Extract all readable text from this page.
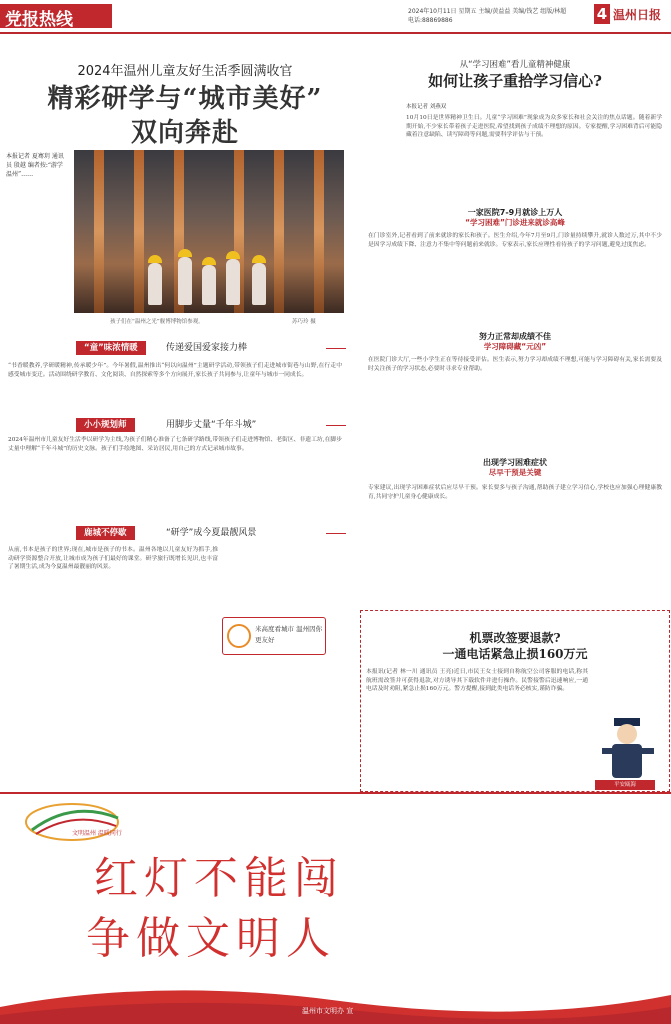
党报热线	2024年10月11日 星期五 主编/黄益益 美编/钱艺 组版/林超
电话:88869886	4 温州日报
2024年温州儿童友好生活季圆满收官
精彩研学与“城市美好”
双向奔赴
本报记者 夏骞玥 通讯员 殷越 编者按:“游学温州”……
孩子们在“温州之光”舰博博物馆参观。	苏巧玲 摄
“童”味浓情暖	传递爱国爱家接力棒
“书香暖教养,学研暖精神,传承暖少年”。今年暑假,温州推出“何以向温州”主题研学活动,带领孩子们走进城市街巷与山野,在行走中感受城市变迁。活动围绕研学教育、文化阅读、自然探索等多个方向展开,家长孩子共同参与,让童年与城市一同成长。
小小规划师	用脚步丈量“千年斗城”
2024年温州市儿童友好生活季以研学为主线,为孩子们精心准备了七条研学路线,带领孩子们走进博物馆、老街区、非遗工坊,在脚步丈量中理解“千年斗城”的历史文脉。孩子们手绘地图、采访居民,用自己的方式记录城市故事。
鹿城不停歇	“研学”成今夏最靓风景
从前,书本是孩子的世界;现在,城市是孩子的书本。温州各地以儿童友好为抓手,推动研学资源整合开放,让城市成为孩子们最好的课堂。研学旅行既增长见识,也丰富了暑期生活,成为今夏温州最靓丽的风景。
米高度看城市 温州因你更友好
从“学习困难”看儿童精神健康
如何让孩子重拾学习信心?
本报记者 刘燕双
10月10日是世界精神卫生日。儿童“学习困难”现象成为众多家长和社会关注的焦点话题。随着新学期开始,不少家长带着孩子走进医院,希望找到孩子成绩不理想的原因。专家提醒,学习困难背后可能隐藏着注意缺陷、读写障碍等问题,需要科学评估与干预。
一家医院7-9月就诊上万人
“学习困难”门诊进来就诊高峰
在门诊室外,记者看到了前来就诊的家长和孩子。医生介绍,今年7月至9月,门诊量持续攀升,就诊人数过万,其中不少是因学习成绩下降、注意力不集中等问题前来就诊。专家表示,家长应理性看待孩子的学习问题,避免过度焦虑。
努力正常却成绩不佳
学习障碍藏“元凶”
在医院门诊大厅,一些小学生正在等待接受评估。医生表示,努力学习却成绩不理想,可能与学习障碍有关,家长需要及时关注孩子的学习状态,必要时寻求专业帮助。
出现学习困难症状
尽早干预是关键
专家建议,出现学习困难症状后应尽早干预。家长要多与孩子沟通,帮助孩子建立学习信心,学校也应加强心理健康教育,共同守护儿童身心健康成长。
机票改签要退款?
一通电话紧急止损160万元
本报讯(记者 林一川 通讯员 王亮)近日,市民王女士接到自称航空公司客服的电话,称其航班需改签并可获得退款,对方诱导其下载软件并进行操作。民警接警后迅速响应,一通电话及时劝阻,紧急止损160万元。警方提醒,接到此类电话务必核实,谨防诈骗。
平安瓯海
文明温州 温暖同行
红灯不能闯
争做文明人
温州市文明办 宣
